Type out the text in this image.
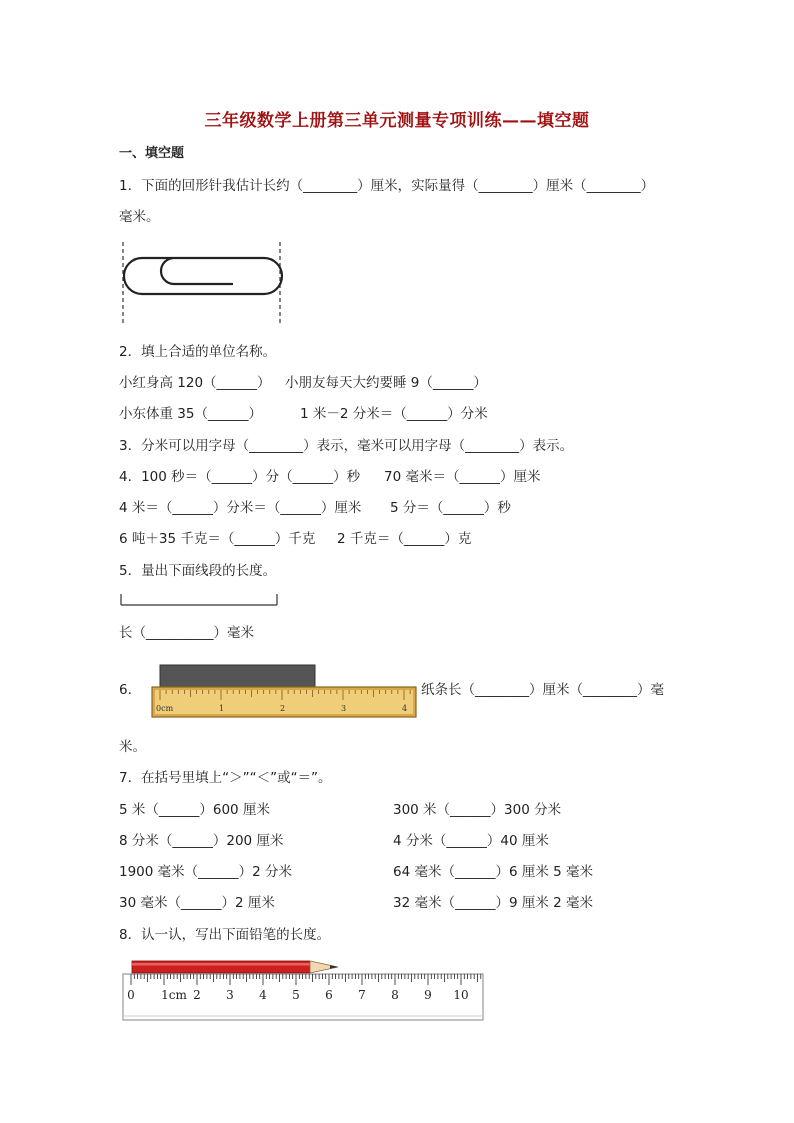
三年级数学上册第三单元测量专项训练——填空题
一、填空题
1．下面的回形针我估计长约（________）厘米，实际量得（________）厘米（________）
毫米。
2．填上合适的单位名称。
小红身高 120（______） 小朋友每天大约要睡 9（______）
小东体重 35（______）	1 米－2 分米＝（______）分米
3．分米可以用字母（________）表示，毫米可以用字母（________）表示。
4．100 秒＝（______）分（______）秒 70 毫米＝（______）厘米
4 米＝（______）分米＝（______）厘米 5 分＝（______）秒
6 吨＋35 千克＝（______）千克 2 千克＝（______）克
5．量出下面线段的长度。
长（__________）毫米
6．
0cm	1	2	3	4
纸条长（________）厘米（________）毫
米。
7．在括号里填上“＞”“＜”或“＝”。
5 米（______）600 厘米	300 米（______）300 分米
8 分米（______）200 厘米	4 分米（______）40 厘米
1900 毫米（______）2 分米	64 毫米（______）6 厘米 5 毫米
30 毫米（______）2 厘米	32 毫米（______）9 厘米 2 毫米
8．认一认，写出下面铅笔的长度。
0 1cm 2 3 4 5 6 7 8 9 10
